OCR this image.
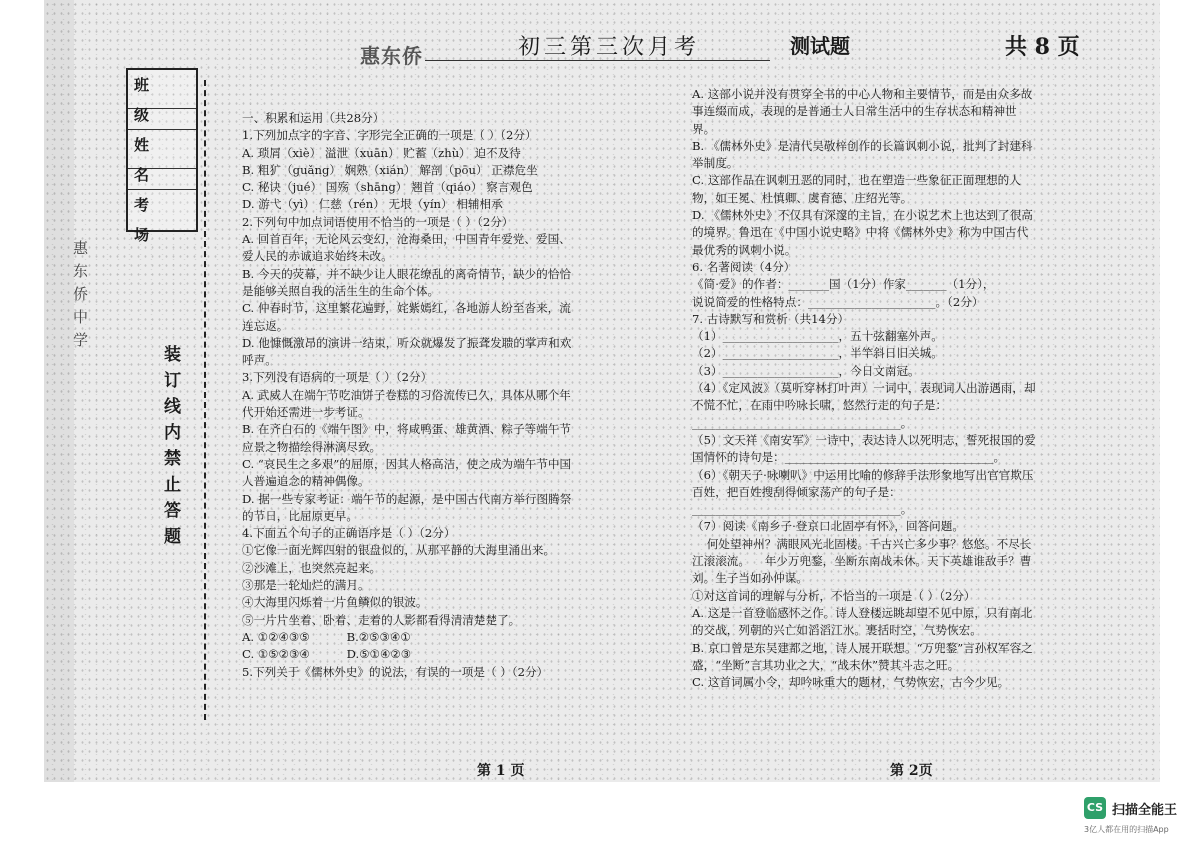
惠东侨	初三第三次月考	测试题	共 8 页
班 级
姓 名
考 场
惠东侨中学
装订线内禁止答题

一、积累和运用（共28分）

1.下列加点字的字音、字形完全正确的一项是（ ）（2分）

A. 琐屑（xiè） 溢泄（xuān） 贮蓄（zhù） 迫不及待

B. 粗犷（guǎng） 娴熟（xián） 解剖（pōu） 正襟危坐

C. 秘诀（jué） 国殇（shāng） 翘首（qiáo） 察言观色

D. 游弋（yì） 仁慈（rén） 无垠（yín） 相辅相承

2.下列句中加点词语使用不恰当的一项是（ ）（2分）

A. 回首百年，无论风云变幻，沧海桑田，中国青年爱党、爱国、爱人民的赤诚追求始终未改。

B. 今天的荧幕，并不缺少让人眼花缭乱的离奇情节，缺少的恰恰是能够关照自我的活生生的生命个体。

C. 仲春时节，这里繁花遍野，姹紫嫣红，各地游人纷至沓来，流连忘返。

D. 他慷慨激昂的演讲一结束，听众就爆发了振聋发聩的掌声和欢呼声。

3.下列没有语病的一项是（ ）（2分）

A. 武威人在端午节吃油饼子卷糕的习俗流传已久，具体从哪个年代开始还需进一步考证。

B. 在齐白石的《端午图》中，将咸鸭蛋、雄黄酒、粽子等端午节应景之物描绘得淋漓尽致。

C. “哀民生之多艰”的屈原，因其人格高洁，使之成为端午节中国人普遍追念的精神偶像。

D. 据一些专家考证：端午节的起源，是中国古代南方举行图腾祭的节日，比屈原更早。

4.下面五个句子的正确语序是（ ）（2分）

①它像一面光辉四射的银盘似的，从那平静的大海里涌出来。

②沙滩上，也突然亮起来。

③那是一轮灿烂的满月。

④大海里闪烁着一片鱼鳞似的银波。

⑤一片片坐着、卧着、走着的人影都看得清清楚楚了。

A. ①②④③⑤          B.②⑤③④①

C. ①⑤②③④          D.⑤①④②③

5.下列关于《儒林外史》的说法，有误的一项是（ ）（2分）

A. 这部小说并没有贯穿全书的中心人物和主要情节，而是由众多故事连缀而成，表现的是普通士人日常生活中的生存状态和精神世界。

B. 《儒林外史》是清代吴敬梓创作的长篇讽刺小说，批判了封建科举制度。

C. 这部作品在讽刺丑恶的同时，也在塑造一些象征正面理想的人物，如王冕、杜慎卿、虞育德、庄绍光等。

D. 《儒林外史》不仅具有深邃的主旨，在小说艺术上也达到了很高的境界。鲁迅在《中国小说史略》中将《儒林外史》称为中国古代最优秀的讽刺小说。

6. 名著阅读（4分）

《简·爱》的作者：_______国（1分）作家_______（1分），

说说简爱的性格特点：______________________。（2分）

7. 古诗默写和赏析（共14分）

（1）____________________，五十弦翻塞外声。

（2）____________________，半竿斜日旧关城。

（3）____________________，今日文南冠。

（4）《定风波》（莫听穿林打叶声）一词中，表现词人出游遇雨，却不慌不忙，在雨中吟咏长啸，悠然行走的句子是：____________________________________。

（5）文天祥《南安军》一诗中，表达诗人以死明志，誓死报国的爱国情怀的诗句是：____________________________________。

（6）《朝天子·咏喇叭》中运用比喻的修辞手法形象地写出官官欺压百姓，把百姓搜刮得倾家荡产的句子是：____________________________________。

（7）阅读《南乡子·登京口北固亭有怀》，回答问题。

何处望神州？满眼风光北固楼。千古兴亡多少事？悠悠。不尽长江滚滚流。    年少万兜鍪，坐断东南战未休。天下英雄谁敌手？曹刘。生子当如孙仲谋。

①对这首词的理解与分析，不恰当的一项是（ ）（2分）

A. 这是一首登临感怀之作。诗人登楼远眺却望不见中原，只有南北的交战，列朝的兴亡如滔滔江水。裹括时空，气势恢宏。

B. 京口曾是东吴建都之地，诗人展开联想。“万兜鍪”言孙权军容之盛，“坐断”言其功业之大，“战未休”赞其斗志之旺。

C. 这首词属小令，却吟咏重大的题材，气势恢宏，古今少见。

第 1 页	第 2页
CS 扫描全能王
3亿人都在用的扫描App
